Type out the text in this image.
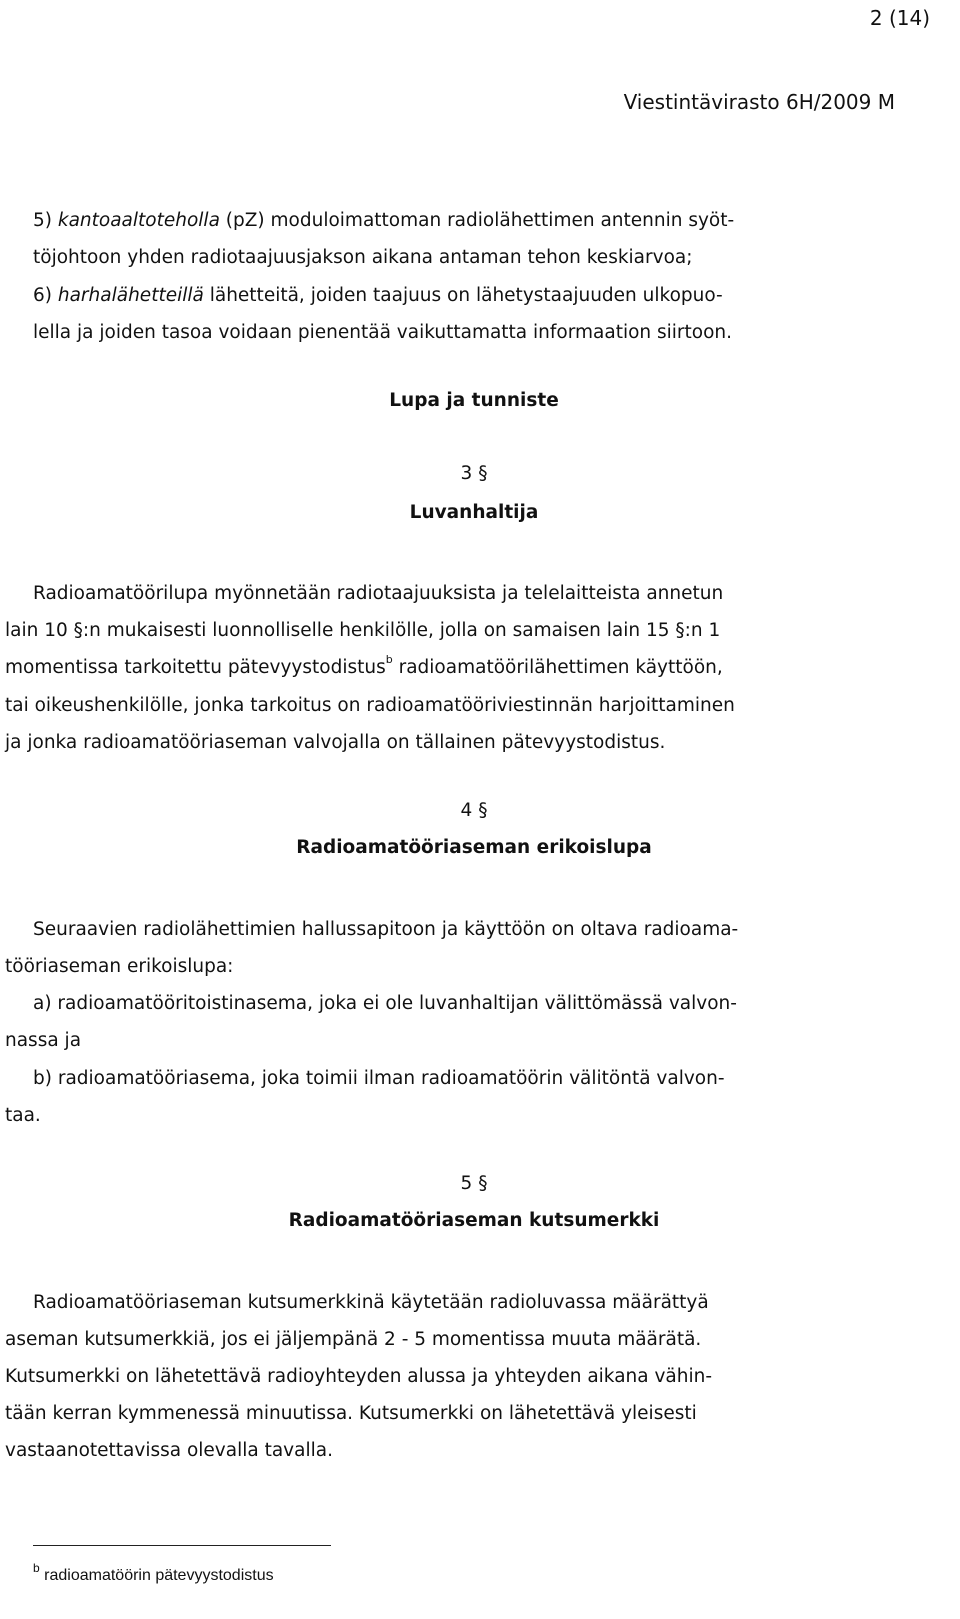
2 (14)
Viestintävirasto 6H/2009 M
5) kantoaaltoteholla (pZ) moduloimattoman radiolähettimen antennin syöt-
töjohtoon yhden radiotaajuusjakson aikana antaman tehon keskiarvoa;
6) harhalähetteillä lähetteitä, joiden taajuus on lähetystaajuuden ulkopuo-
lella ja joiden tasoa voidaan pienentää vaikuttamatta informaation siirtoon.
Lupa ja tunniste
3 §
Luvanhaltija
Radioamatöörilupa myönnetään radiotaajuuksista ja telelaitteista annetun
lain 10 §:n mukaisesti luonnolliselle henkilölle, jolla on samaisen lain 15 §:n 1
momentissa tarkoitettu pätevyystodistus$^b$ radioamatöörilähettimen käyttöön,
tai oikeushenkilölle, jonka tarkoitus on radioamatööriviestinnän harjoittaminen
ja jonka radioamatööriaseman valvojalla on tällainen pätevyystodistus.
4 §
Radioamatööriaseman erikoislupa
Seuraavien radiolähettimien hallussapitoon ja käyttöön on oltava radioama-
tööriaseman erikoislupa:
a) radioamatööritoistinasema, joka ei ole luvanhaltijan välittömässä valvon-
nassa ja
b) radioamatööriasema, joka toimii ilman radioamatöörin välitöntä valvon-
taa.
5 §
Radioamatööriaseman kutsumerkki
Radioamatööriaseman kutsumerkkinä käytetään radioluvassa määrättyä
aseman kutsumerkkiä, jos ei jäljempänä 2 - 5 momentissa muuta määrätä.
Kutsumerkki on lähetettävä radioyhteyden alussa ja yhteyden aikana vähin-
tään kerran kymmenessä minuutissa. Kutsumerkki on lähetettävä yleisesti
vastaanotettavissa olevalla tavalla.
$^b$ radioamatöörin pätevyystodistus
